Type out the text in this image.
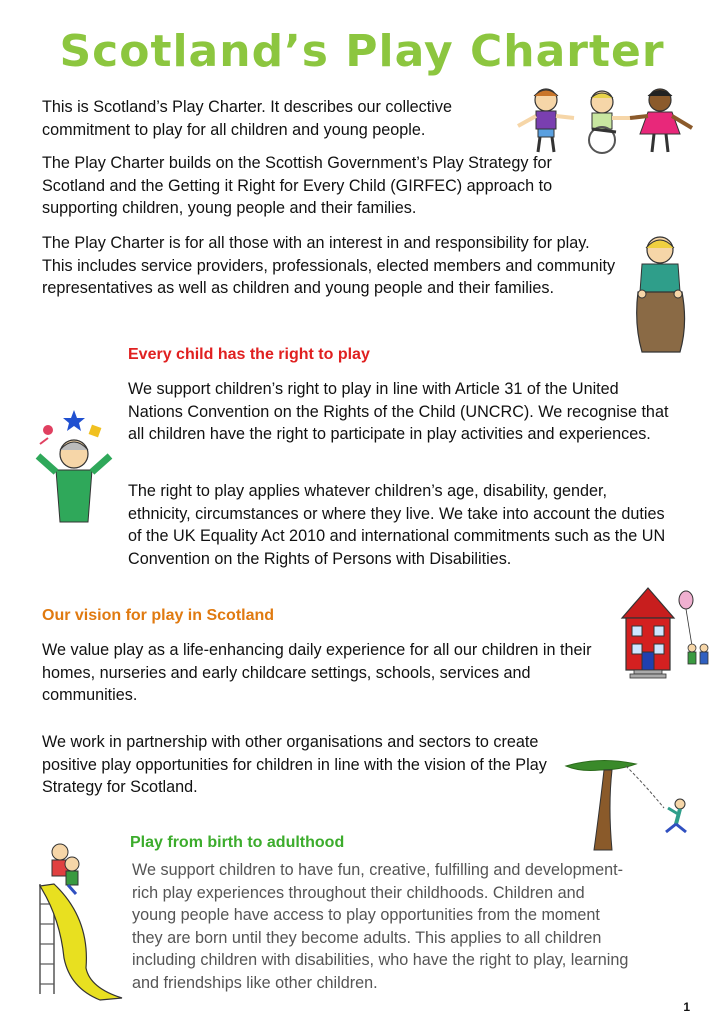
Scotland’s Play Charter

This is Scotland’s Play Charter. It describes our collective commitment to play for all children and young people.

The Play Charter builds on the Scottish Government’s Play Strategy for Scotland and the Getting it Right for Every Child (GIRFEC) approach to supporting children, young people and their families.

The Play Charter is for all those with an interest in and responsibility for play. This includes service providers, professionals, elected members and community representatives as well as children and young people and their families.

Every child has the right to play

We support children’s right to play in line with Article 31 of the United Nations Convention on the Rights of the Child (UNCRC). We recognise that all children have the right to participate in play activities and experiences.

The right to play applies whatever children’s age, disability, gender, ethnicity, circumstances or where they live. We take into account the duties of the UK Equality Act 2010 and international commitments such as the UN Convention on the Rights of Persons with Disabilities.

Our vision for play in Scotland

We value play as a life-enhancing daily experience for all our children in their homes, nurseries and early childcare settings, schools, services and communities.

We work in partnership with other organisations and sectors to create positive play opportunities for children in line with the vision of the Play Strategy for Scotland.

Play from birth to adulthood

We support children to have fun, creative, fulfilling and development-rich play experiences throughout their childhoods. Children and young people have access to play opportunities from the moment they are born until they become adults. This applies to all children including children with disabilities, who have the right to play, learning and friendships like other children.

1
